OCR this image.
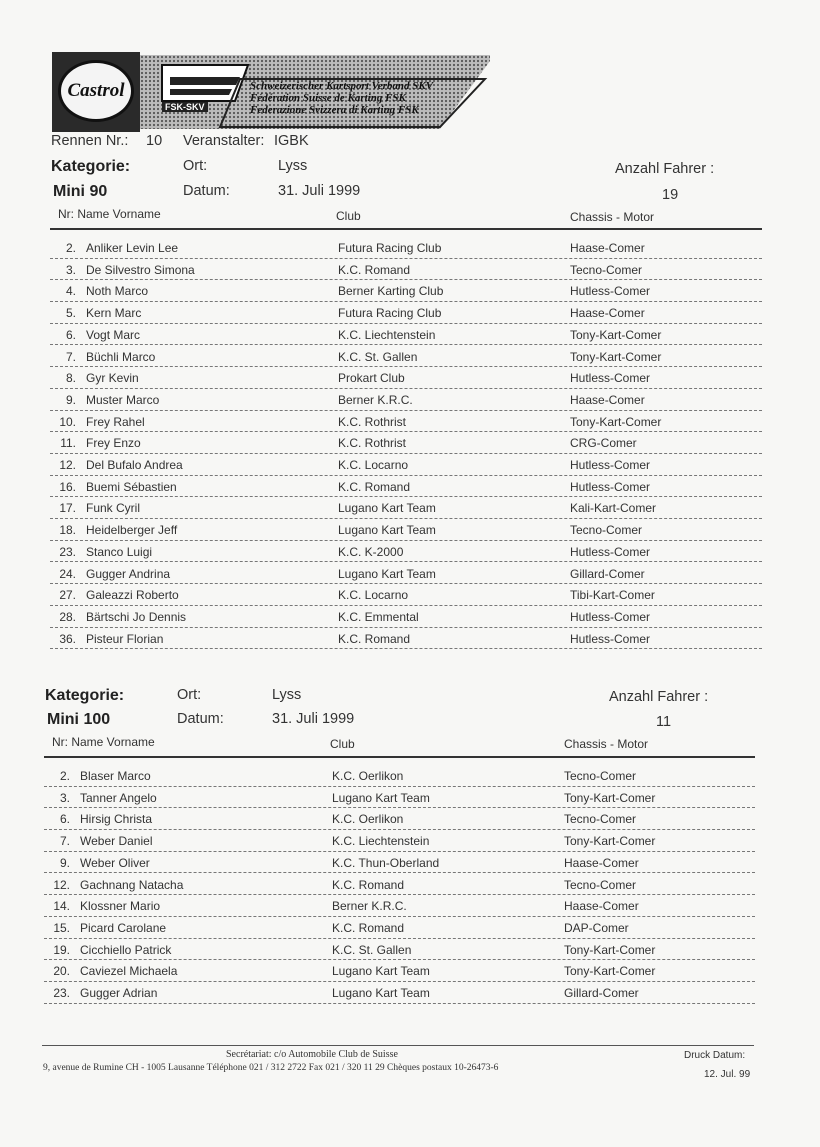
Castrol	Schweizerischer Kartsport Verband SKV
Fédération Suisse de Karting FSK
Federazione Svizzera di Karting FSK
FSK-SKV
Rennen Nr.: 10 Veranstalter: IGBK
Kategorie:	Ort:	Lyss	Anzahl Fahrer :
Mini 90	Datum:	31. Juli 1999	19
Nr: Name Vorname	Club	Chassis - Motor
2. Anliker Levin Lee	Futura Racing Club	Haase-Comer
3. De Silvestro Simona	K.C. Romand	Tecno-Comer
4. Noth Marco	Berner Karting Club	Hutless-Comer
5. Kern Marc	Futura Racing Club	Haase-Comer
6. Vogt Marc	K.C. Liechtenstein	Tony-Kart-Comer
7. Büchli Marco	K.C. St. Gallen	Tony-Kart-Comer
8. Gyr Kevin	Prokart Club	Hutless-Comer
9. Muster Marco	Berner K.R.C.	Haase-Comer
10. Frey Rahel	K.C. Rothrist	Tony-Kart-Comer
11. Frey Enzo	K.C. Rothrist	CRG-Comer
12. Del Bufalo Andrea	K.C. Locarno	Hutless-Comer
16. Buemi Sébastien	K.C. Romand	Hutless-Comer
17. Funk Cyril	Lugano Kart Team	Kali-Kart-Comer
18. Heidelberger Jeff	Lugano Kart Team	Tecno-Comer
23. Stanco Luigi	K.C. K-2000	Hutless-Comer
24. Gugger Andrina	Lugano Kart Team	Gillard-Comer
27. Galeazzi Roberto	K.C. Locarno	Tibi-Kart-Comer
28. Bärtschi Jo Dennis	K.C. Emmental	Hutless-Comer
36. Pisteur Florian	K.C. Romand	Hutless-Comer
Kategorie:	Ort:	Lyss	Anzahl Fahrer :
Mini 100	Datum:	31. Juli 1999	11
Nr: Name Vorname	Club	Chassis - Motor
2. Blaser Marco	K.C. Oerlikon	Tecno-Comer
3. Tanner Angelo	Lugano Kart Team	Tony-Kart-Comer
6. Hirsig Christa	K.C. Oerlikon	Tecno-Comer
7. Weber Daniel	K.C. Liechtenstein	Tony-Kart-Comer
9. Weber Oliver	K.C. Thun-Oberland	Haase-Comer
12. Gachnang Natacha	K.C. Romand	Tecno-Comer
14. Klossner Mario	Berner K.R.C.	Haase-Comer
15. Picard Carolane	K.C. Romand	DAP-Comer
19. Cicchiello Patrick	K.C. St. Gallen	Tony-Kart-Comer
20. Caviezel Michaela	Lugano Kart Team	Tony-Kart-Comer
23. Gugger Adrian	Lugano Kart Team	Gillard-Comer
Secrétariat: c/o Automobile Club de Suisse
9, avenue de Rumine CH - 1005 Lausanne Téléphone 021 / 312 2722 Fax 021 / 320 11 29 Chèques postaux 10-26473-6
Druck Datum:
12. Jul. 99
